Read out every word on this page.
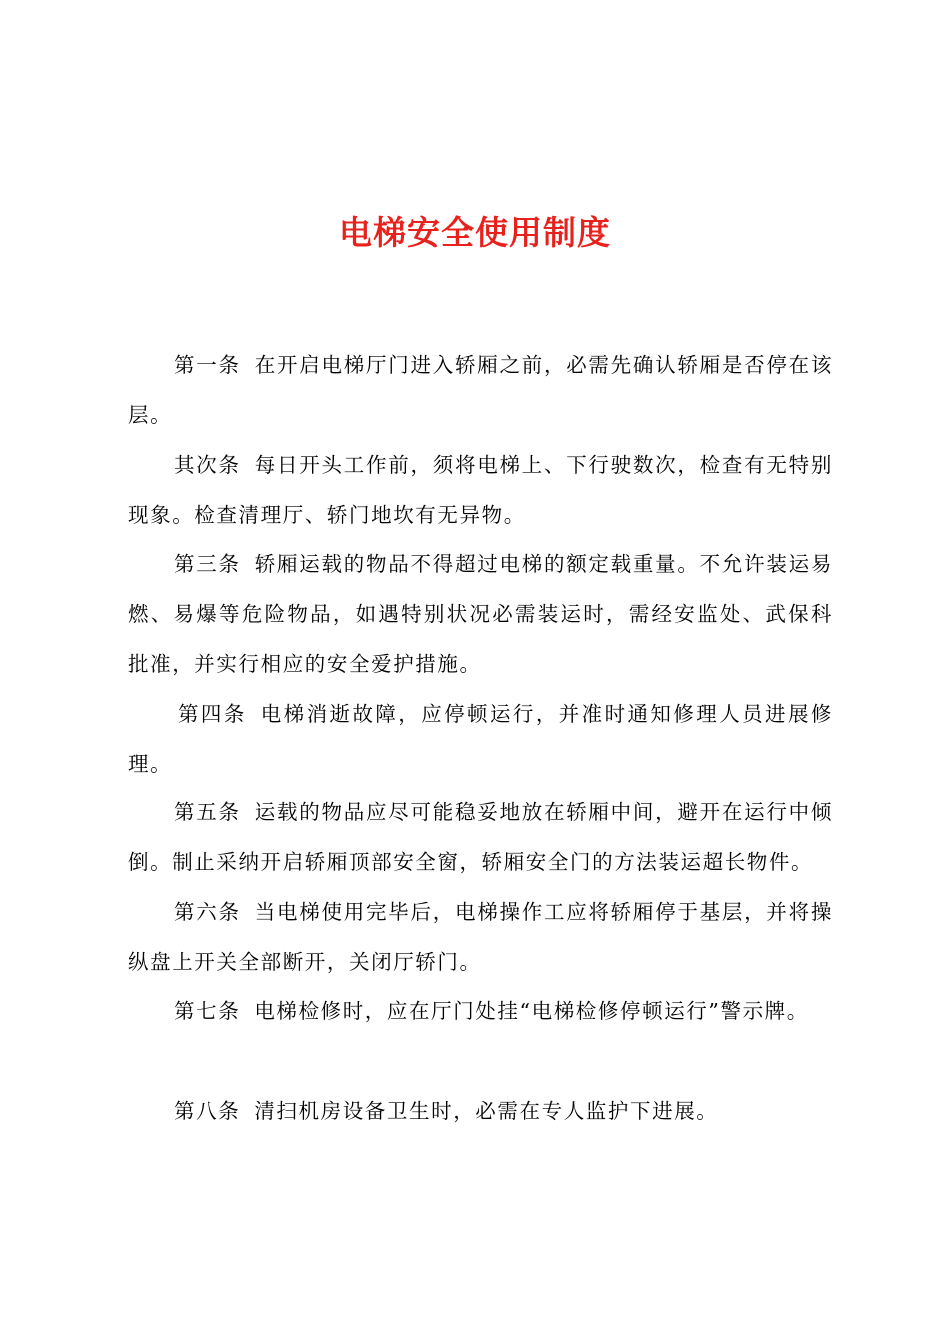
电梯安全使用制度

第一条 在开启电梯厅门进入轿厢之前，必需先确认轿厢是否停在该层。

其次条 每日开头工作前，须将电梯上、下行驶数次，检查有无特别现象。检查清理厅、轿门地坎有无异物。

第三条 轿厢运载的物品不得超过电梯的额定载重量。不允许装运易燃、易爆等危险物品，如遇特别状况必需装运时，需经安监处、武保科批准，并实行相应的安全爱护措施。

第四条 电梯消逝故障，应停顿运行，并准时通知修理人员进展修理。

第五条 运载的物品应尽可能稳妥地放在轿厢中间，避开在运行中倾倒。制止采纳开启轿厢顶部安全窗，轿厢安全门的方法装运超长物件。

第六条 当电梯使用完毕后，电梯操作工应将轿厢停于基层，并将操纵盘上开关全部断开，关闭厅轿门。

第七条 电梯检修时，应在厅门处挂“电梯检修停顿运行”警示牌。

第八条 清扫机房设备卫生时，必需在专人监护下进展。
